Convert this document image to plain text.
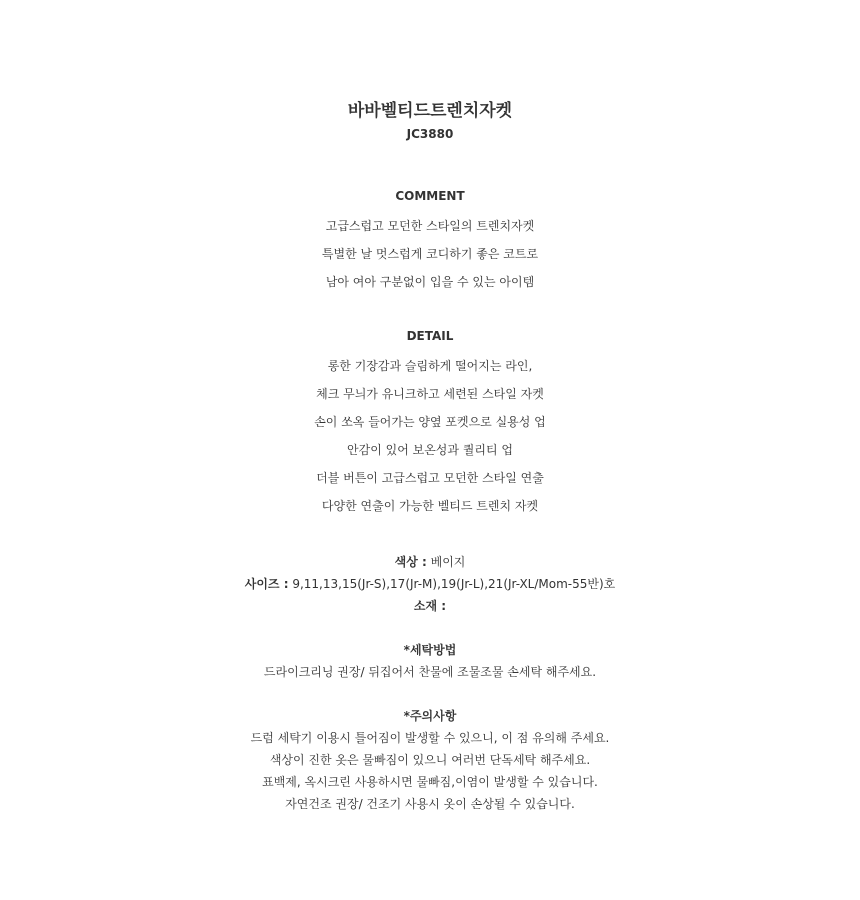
바바벨티드트렌치자켓
JC3880
COMMENT
고급스럽고 모던한 스타일의 트렌치자켓
특별한 날 멋스럽게 코디하기 좋은 코트로
남아 여아 구분없이 입을 수 있는 아이템
DETAIL
롱한 기장감과 슬림하게 떨어지는 라인,
체크 무늬가 유니크하고 세련된 스타일 자켓
손이 쏘옥 들어가는 양옆 포켓으로 실용성 업
안감이 있어 보온성과 퀄리티 업
더블 버튼이 고급스럽고 모던한 스타일 연출
다양한 연출이 가능한 벨티드 트렌치 자켓
색상 : 베이지
사이즈 : 9,11,13,15(Jr-S),17(Jr-M),19(Jr-L),21(Jr-XL/Mom-55반)호
소재 :
*세탁방법
드라이크리닝 권장/ 뒤집어서 찬물에 조물조물 손세탁 해주세요.
*주의사항
드럼 세탁기 이용시 틀어짐이 발생할 수 있으니, 이 점 유의해 주세요.
색상이 진한 옷은 물빠짐이 있으니 여러번 단독세탁 해주세요.
표백제, 옥시크린 사용하시면 물빠짐,이염이 발생할 수 있습니다.
자연건조 권장/ 건조기 사용시 옷이 손상될 수 있습니다.
